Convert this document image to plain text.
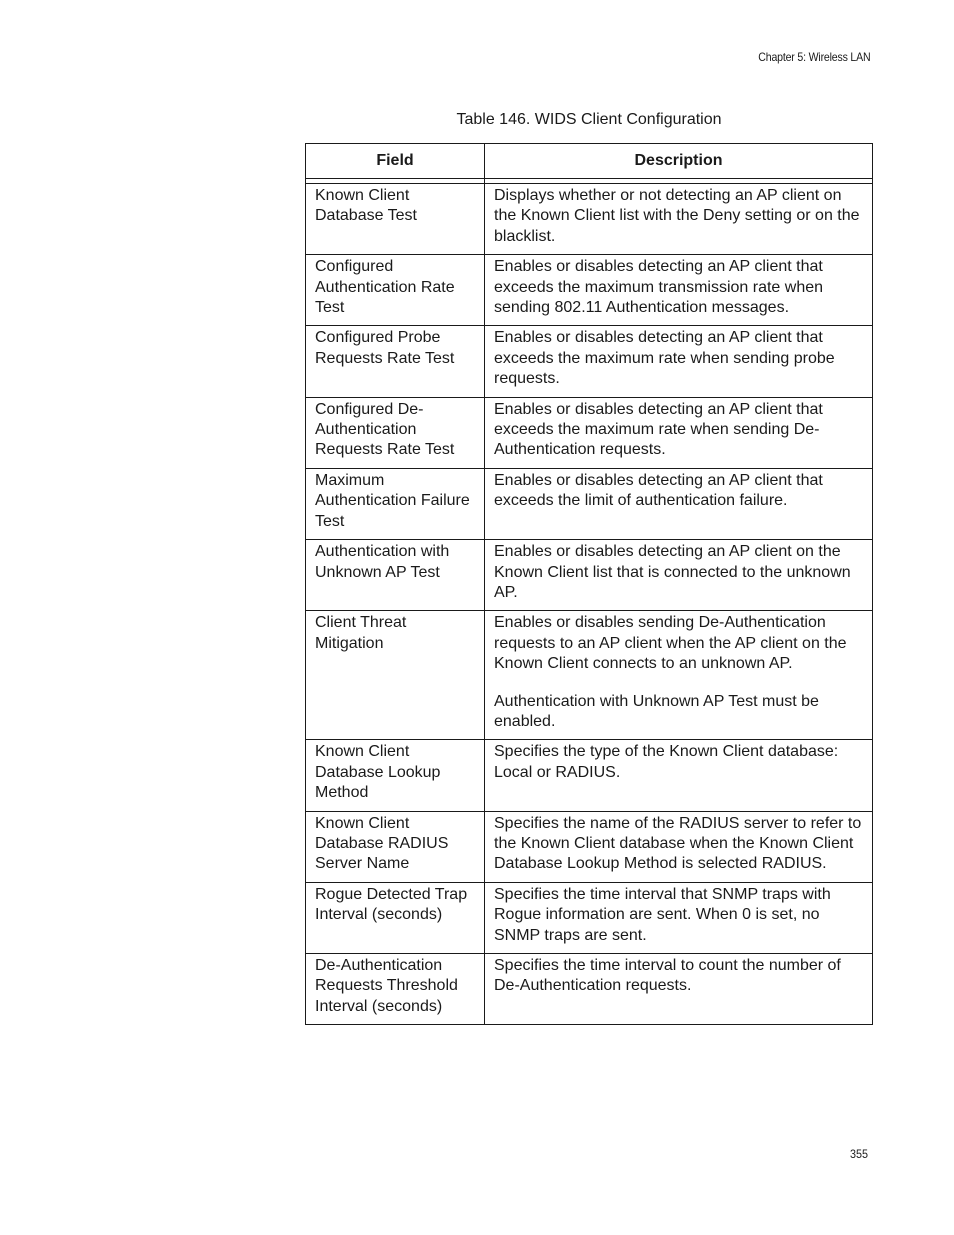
Chapter 5: Wireless LAN
Table 146. WIDS Client Configuration
Field	Description

Known Client Database Test	Displays whether or not detecting an AP client on the Known Client list with the Deny setting or on the blacklist.

Configured Authentication Rate Test	Enables or disables detecting an AP client that exceeds the maximum transmission rate when sending 802.11 Authentication messages.

Configured Probe Requests Rate Test	Enables or disables detecting an AP client that exceeds the maximum rate when sending probe requests.

Configured De-Authentication Requests Rate Test	Enables or disables detecting an AP client that exceeds the maximum rate when sending De-Authentication requests.

Maximum Authentication Failure Test	Enables or disables detecting an AP client that exceeds the limit of authentication failure.

Authentication with Unknown AP Test	Enables or disables detecting an AP client on the Known Client list that is connected to the unknown AP.

Client Threat Mitigation	Enables or disables sending De-Authentication requests to an AP client when the AP client on the Known Client connects to an unknown AP.

Authentication with Unknown AP Test must be enabled.

Known Client Database Lookup Method	Specifies the type of the Known Client database: Local or RADIUS.

Known Client Database RADIUS Server Name	Specifies the name of the RADIUS server to refer to the Known Client database when the Known Client Database Lookup Method is selected RADIUS.

Rogue Detected Trap Interval (seconds)	Specifies the time interval that SNMP traps with Rogue information are sent. When 0 is set, no SNMP traps are sent.

De-Authentication Requests Threshold Interval (seconds)	Specifies the time interval to count the number of De-Authentication requests.

355
